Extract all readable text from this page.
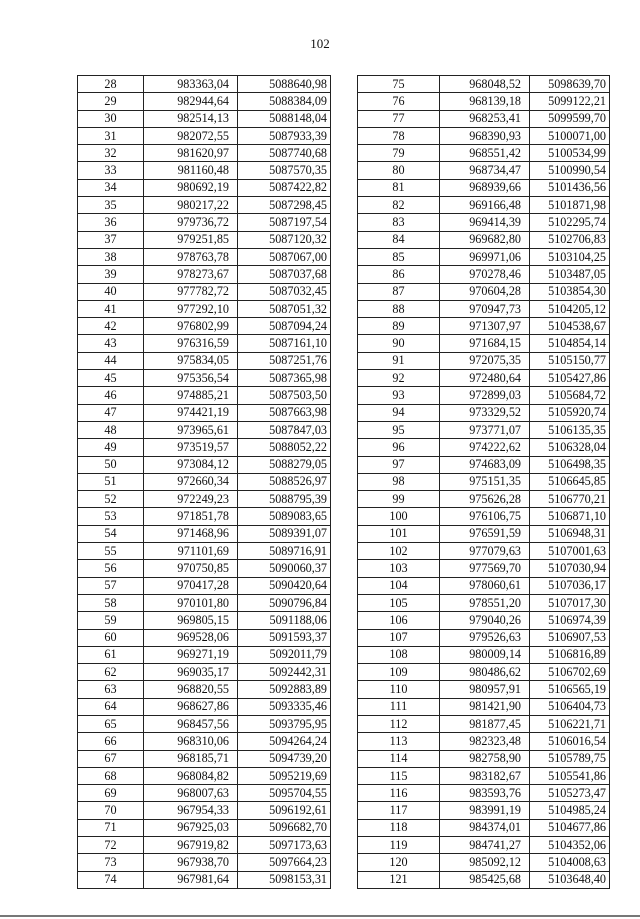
102
28	983363,04	5088640,98
29	982944,64	5088384,09
30	982514,13	5088148,04
31	982072,55	5087933,39
32	981620,97	5087740,68
33	981160,48	5087570,35
34	980692,19	5087422,82
35	980217,22	5087298,45
36	979736,72	5087197,54
37	979251,85	5087120,32
38	978763,78	5087067,00
39	978273,67	5087037,68
40	977782,72	5087032,45
41	977292,10	5087051,32
42	976802,99	5087094,24
43	976316,59	5087161,10
44	975834,05	5087251,76
45	975356,54	5087365,98
46	974885,21	5087503,50
47	974421,19	5087663,98
48	973965,61	5087847,03
49	973519,57	5088052,22
50	973084,12	5088279,05
51	972660,34	5088526,97
52	972249,23	5088795,39
53	971851,78	5089083,65
54	971468,96	5089391,07
55	971101,69	5089716,91
56	970750,85	5090060,37
57	970417,28	5090420,64
58	970101,80	5090796,84
59	969805,15	5091188,06
60	969528,06	5091593,37
61	969271,19	5092011,79
62	969035,17	5092442,31
63	968820,55	5092883,89
64	968627,86	5093335,46
65	968457,56	5093795,95
66	968310,06	5094264,24
67	968185,71	5094739,20
68	968084,82	5095219,69
69	968007,63	5095704,55
70	967954,33	5096192,61
71	967925,03	5096682,70
72	967919,82	5097173,63
73	967938,70	5097664,23
74	967981,64	5098153,31
75	968048,52	5098639,70
76	968139,18	5099122,21
77	968253,41	5099599,70
78	968390,93	5100071,00
79	968551,42	5100534,99
80	968734,47	5100990,54
81	968939,66	5101436,56
82	969166,48	5101871,98
83	969414,39	5102295,74
84	969682,80	5102706,83
85	969971,06	5103104,25
86	970278,46	5103487,05
87	970604,28	5103854,30
88	970947,73	5104205,12
89	971307,97	5104538,67
90	971684,15	5104854,14
91	972075,35	5105150,77
92	972480,64	5105427,86
93	972899,03	5105684,72
94	973329,52	5105920,74
95	973771,07	5106135,35
96	974222,62	5106328,04
97	974683,09	5106498,35
98	975151,35	5106645,85
99	975626,28	5106770,21
100	976106,75	5106871,10
101	976591,59	5106948,31
102	977079,63	5107001,63
103	977569,70	5107030,94
104	978060,61	5107036,17
105	978551,20	5107017,30
106	979040,26	5106974,39
107	979526,63	5106907,53
108	980009,14	5106816,89
109	980486,62	5106702,69
110	980957,91	5106565,19
111	981421,90	5106404,73
112	981877,45	5106221,71
113	982323,48	5106016,54
114	982758,90	5105789,75
115	983182,67	5105541,86
116	983593,76	5105273,47
117	983991,19	5104985,24
118	984374,01	5104677,86
119	984741,27	5104352,06
120	985092,12	5104008,63
121	985425,68	5103648,40
